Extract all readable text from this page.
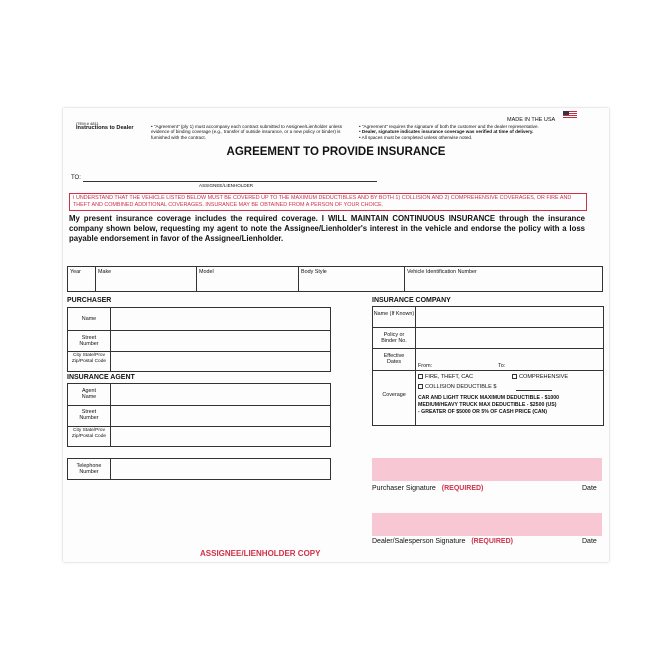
ITEM # 4811
MADE IN THE USA
Instructions to Dealer	• "Agreement" (ply 1) must accompany each contract submitted to Assignee/Lienholder unless evidence of binding coverage (e.g., transfer of outside insurance, or a new policy or binder) is furnished with the contract.
• "Agreement" requires the signature of both the customer and the dealer representative.
• Dealer, signature indicates insurance coverage was verified at time of delivery.
• All spaces must be completed unless otherwise noted.
AGREEMENT TO PROVIDE INSURANCE
TO:
ASSIGNEE/LIENHOLDER
I UNDERSTAND THAT THE VEHICLE LISTED BELOW MUST BE COVERED UP TO THE MAXIMUM DEDUCTIBLES AND BY BOTH 1) COLLISION AND 2) COMPREHENSIVE COVERAGES, OR FIRE AND THEFT AND COMBINED ADDITIONAL COVERAGES. INSURANCE MAY BE OBTAINED FROM A PERSON OF YOUR CHOICE.
My present insurance coverage includes the required coverage. I WILL MAINTAIN CONTINUOUS INSURANCE through the insurance company shown below, requesting my agent to note the Assignee/Lienholder's interest in the vehicle and endorse the policy with a loss payable endorsement in favor of the Assignee/Lienholder.
Year	Make	Model	Body Style	Vehicle Identification Number
PURCHASER
Name
Street Number
City State/Prov Zip/Postal Code
INSURANCE AGENT
Agent Name
Street Number
City State/Prov Zip/Postal Code
Telephone Number
INSURANCE COMPANY
Name (If Known)
Policy or Binder No.
Effective Dates
From:	To:
Coverage
FIRE, THEFT, CAC	COMPREHENSIVE
COLLISION DEDUCTIBLE $
CAR AND LIGHT TRUCK MAXIMUM DEDUCTIBLE - $1000
MEDIUM/HEAVY TRUCK MAX DEDUCTIBLE - $2500 (US)
- GREATER OF $5000 OR 5% OF CASH PRICE (CAN)
Purchaser Signature (REQUIRED)	Date
Dealer/Salesperson Signature (REQUIRED)	Date
ASSIGNEE/LIENHOLDER COPY
